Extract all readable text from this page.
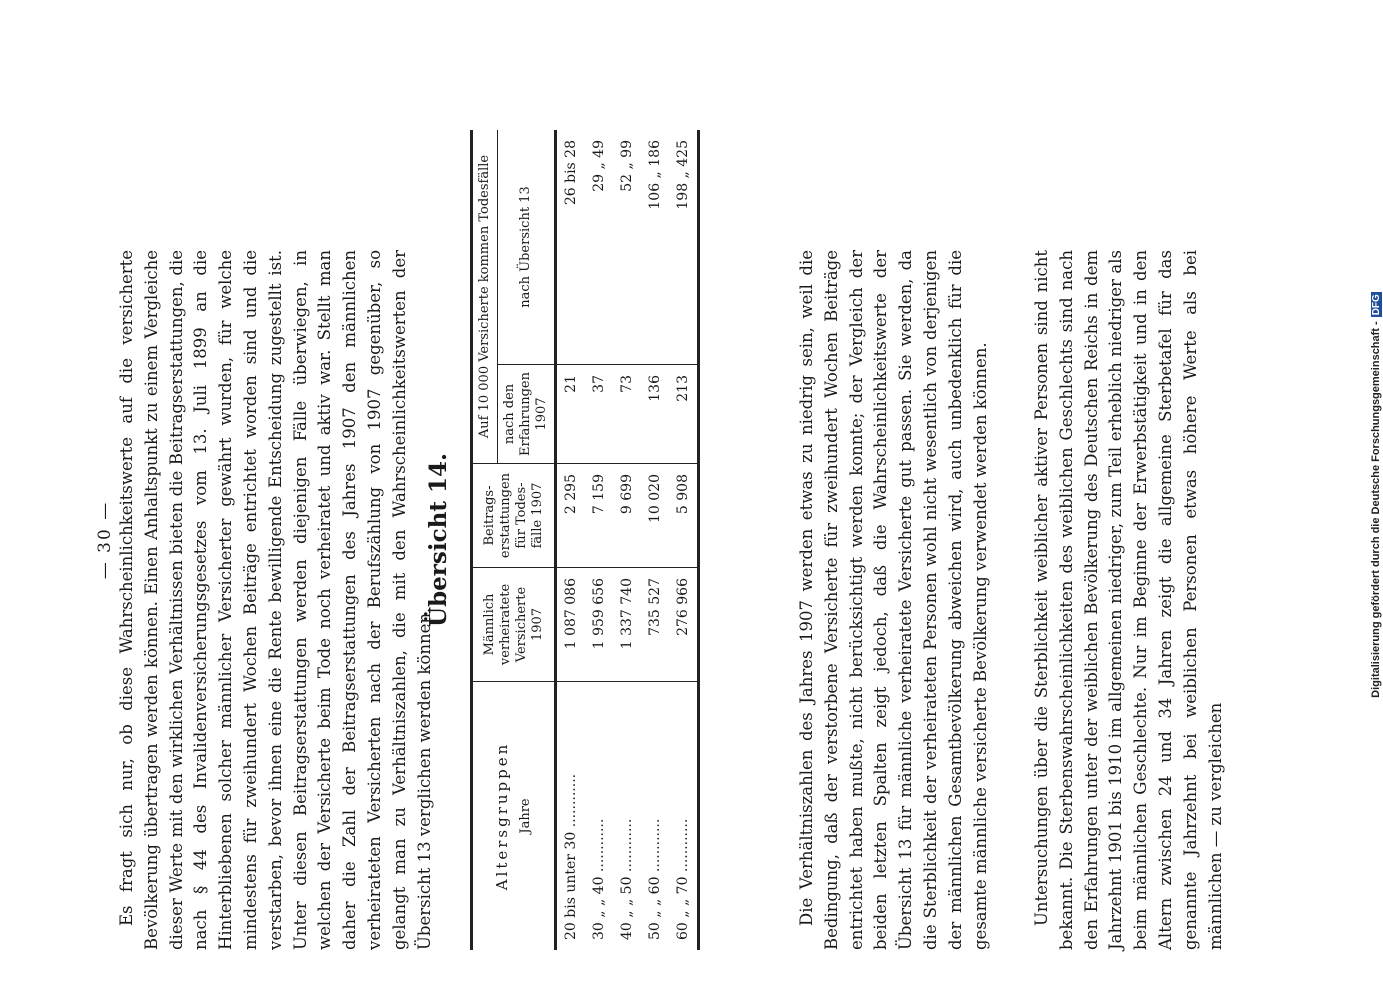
— 30 — Es fragt sich nur, ob diese Wahrscheinlichkeitswerte auf die versicherte Bevölkerung übertragen werden können. Einen Anhaltspunkt zu einem Vergleiche dieser Werte mit den wirklichen Verhältnissen bieten die Beitragserstattungen, die nach § 44 des Invalidenversicherungsgesetzes vom 13. Juli 1899 an die Hinterbliebenen solcher männlicher Versicherter gewährt wurden, für welche mindestens für zweihundert Wochen Beiträge entrichtet worden sind und die verstarben, bevor ihnen eine die Rente bewilligende Entscheidung zugestellt ist. Unter diesen Beitragserstattungen werden diejenigen Fälle überwiegen, in welchen der Versicherte beim Tode noch verheiratet und aktiv war. Stellt man daher die Zahl der Beitragserstattungen des Jahres 1907 den männlichen verheirateten Versicherten nach der Berufszählung von 1907 gegenüber, so gelangt man zu Verhältniszahlen, die mit den Wahrscheinlichkeitswerten der Übersicht 13 verglichen werden können.

Übersicht 14.
Altersgruppen Jahre	Männlich verheiratete Versicherte 1907	Beitrags- erstattungen für Todes- fälle 1907	Auf 10 000 Versicherte kommen Todesfälle	
			nach den Erfahrungen 1907	nach Übersicht 13
20 bis unter 30 ............	1 087 086	2 295	21	26 bis 28
30 „ „ 40 ............	1 959 656	7 159	37	29 „ 49
40 „ „ 50 ............	1 337 740	9 699	73	52 „ 99
50 „ „ 60 ............	735 527	10 020	136	106 „ 186
60 „ „ 70 ............	276 966	5 908	213	198 „ 425

Die Verhältniszahlen des Jahres 1907 werden etwas zu niedrig sein, weil die Bedingung, daß der verstorbene Versicherte für zweihundert Wochen Beiträge entrichtet haben mußte, nicht berücksichtigt werden konnte; der Vergleich der beiden letzten Spalten zeigt jedoch, daß die Wahrscheinlichkeitswerte der Übersicht 13 für männliche verheiratete Versicherte gut passen. Sie werden, da die Sterblichkeit der verheirateten Personen wohl nicht wesentlich von derjenigen der männlichen Gesamtbevölkerung abweichen wird, auch unbedenklich für die gesamte männliche versicherte Bevölkerung verwendet werden können.	Untersuchungen über die Sterblichkeit weiblicher aktiver Personen sind nicht bekannt. Die Sterbenswahrscheinlichkeiten des weiblichen Geschlechts sind nach den Erfahrungen unter der weiblichen Bevölkerung des Deutschen Reichs in dem Jahrzehnt 1901 bis 1910 im allgemeinen niedriger, zum Teil erheblich niedriger als beim männlichen Geschlechte. Nur im Beginne der Erwerbstätigkeit und in den Altern zwischen 24 und 34 Jahren zeigt die allgemeine Sterbetafel für das genannte Jahrzehnt bei weiblichen Personen etwas höhere Werte als bei männlichen — zu vergleichen

Digitalisierung gefördert durch die Deutsche Forschungsgemeinschaft -DFG
